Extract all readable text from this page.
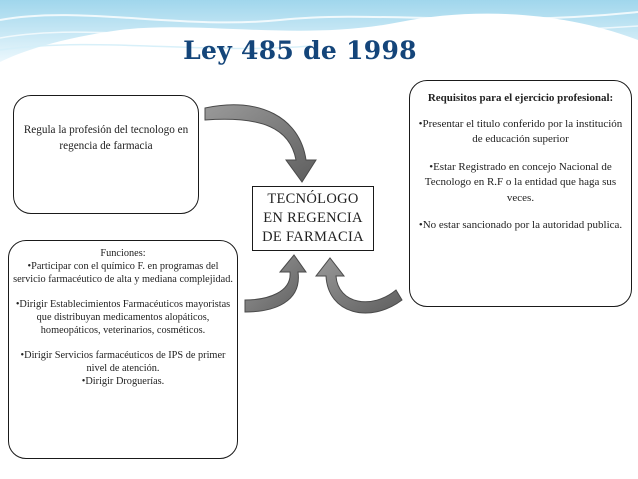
Ley 485 de 1998
Regula la profesión del tecnologo en regencia de farmacia

Funciones:

•Participar con el químico F. en programas del servicio farmacéutico de alta y mediana complejidad.

•Dirigir Establecimientos Farmacéuticos mayoristas que distribuyan medicamentos alopáticos, homeopáticos, veterinarios, cosméticos.

•Dirigir Servicios farmacéuticos de IPS de primer nivel de atención.

•Dirigir Droguerías.

Requisitos para el ejercicio profesional:

•Presentar el titulo conferido por la institución de educación superior

•Estar Registrado en concejo Nacional de Tecnologo en R.F o la entidad que haga sus veces.

•No estar sancionado por la autoridad publica.

TECNÓLOGO
EN REGENCIA
DE FARMACIA
